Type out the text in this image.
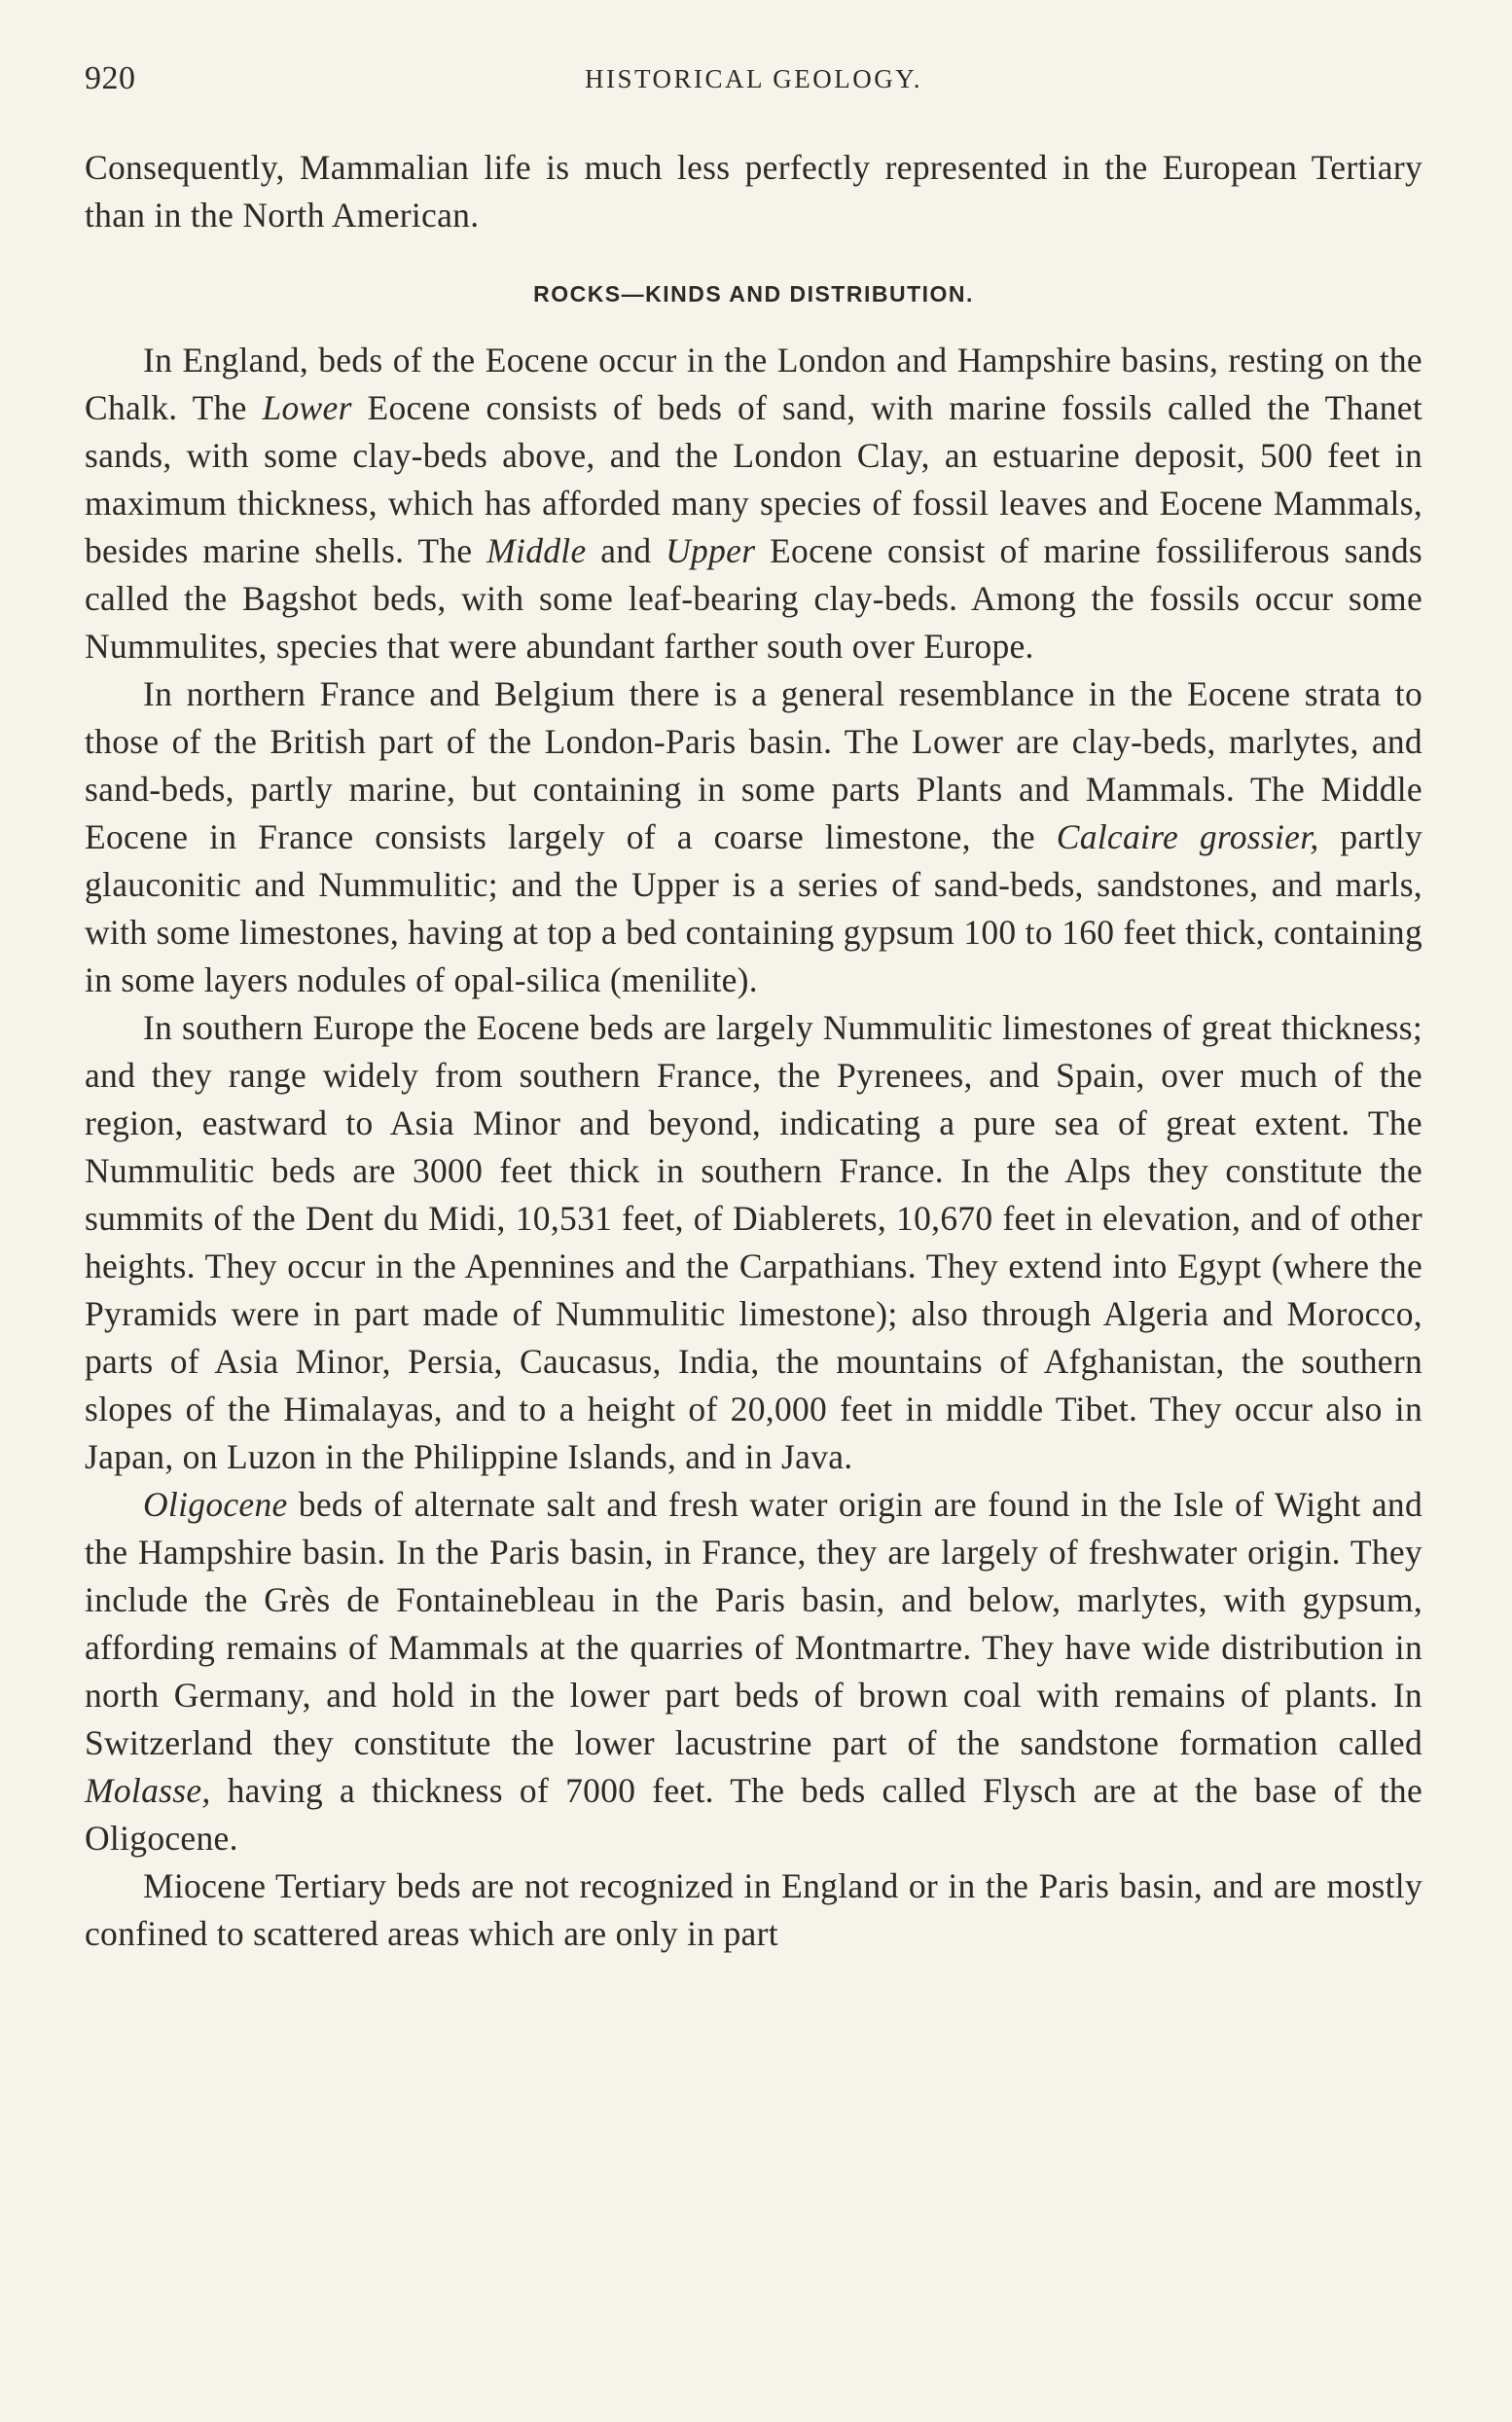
920	HISTORICAL GEOLOGY.

Consequently, Mammalian life is much less perfectly represented in the European Tertiary than in the North American.

ROCKS—KINDS AND DISTRIBUTION.

In England, beds of the Eocene occur in the London and Hampshire basins, resting on the Chalk. The Lower Eocene consists of beds of sand, with marine fossils called the Thanet sands, with some clay-beds above, and the London Clay, an estuarine deposit, 500 feet in maximum thickness, which has afforded many species of fossil leaves and Eocene Mammals, besides marine shells. The Middle and Upper Eocene consist of marine fossiliferous sands called the Bagshot beds, with some leaf-bearing clay-beds. Among the fossils occur some Nummulites, species that were abundant farther south over Europe.

In northern France and Belgium there is a general resemblance in the Eocene strata to those of the British part of the London-Paris basin. The Lower are clay-beds, marlytes, and sand-beds, partly marine, but containing in some parts Plants and Mammals. The Middle Eocene in France consists largely of a coarse limestone, the Calcaire grossier, partly glauconitic and Nummulitic; and the Upper is a series of sand-beds, sandstones, and marls, with some limestones, having at top a bed containing gypsum 100 to 160 feet thick, containing in some layers nodules of opal-silica (menilite).

In southern Europe the Eocene beds are largely Nummulitic limestones of great thickness; and they range widely from southern France, the Pyrenees, and Spain, over much of the region, eastward to Asia Minor and beyond, indicating a pure sea of great extent. The Nummulitic beds are 3000 feet thick in southern France. In the Alps they constitute the summits of the Dent du Midi, 10,531 feet, of Diablerets, 10,670 feet in elevation, and of other heights. They occur in the Apennines and the Carpathians. They extend into Egypt (where the Pyramids were in part made of Nummulitic limestone); also through Algeria and Morocco, parts of Asia Minor, Persia, Caucasus, India, the mountains of Afghanistan, the southern slopes of the Himalayas, and to a height of 20,000 feet in middle Tibet. They occur also in Japan, on Luzon in the Philippine Islands, and in Java.

Oligocene beds of alternate salt and fresh water origin are found in the Isle of Wight and the Hampshire basin. In the Paris basin, in France, they are largely of freshwater origin. They include the Grès de Fontainebleau in the Paris basin, and below, marlytes, with gypsum, affording remains of Mammals at the quarries of Montmartre. They have wide distribution in north Germany, and hold in the lower part beds of brown coal with remains of plants. In Switzerland they constitute the lower lacustrine part of the sandstone formation called Molasse, having a thickness of 7000 feet. The beds called Flysch are at the base of the Oligocene.

Miocene Tertiary beds are not recognized in England or in the Paris basin, and are mostly confined to scattered areas which are only in part
